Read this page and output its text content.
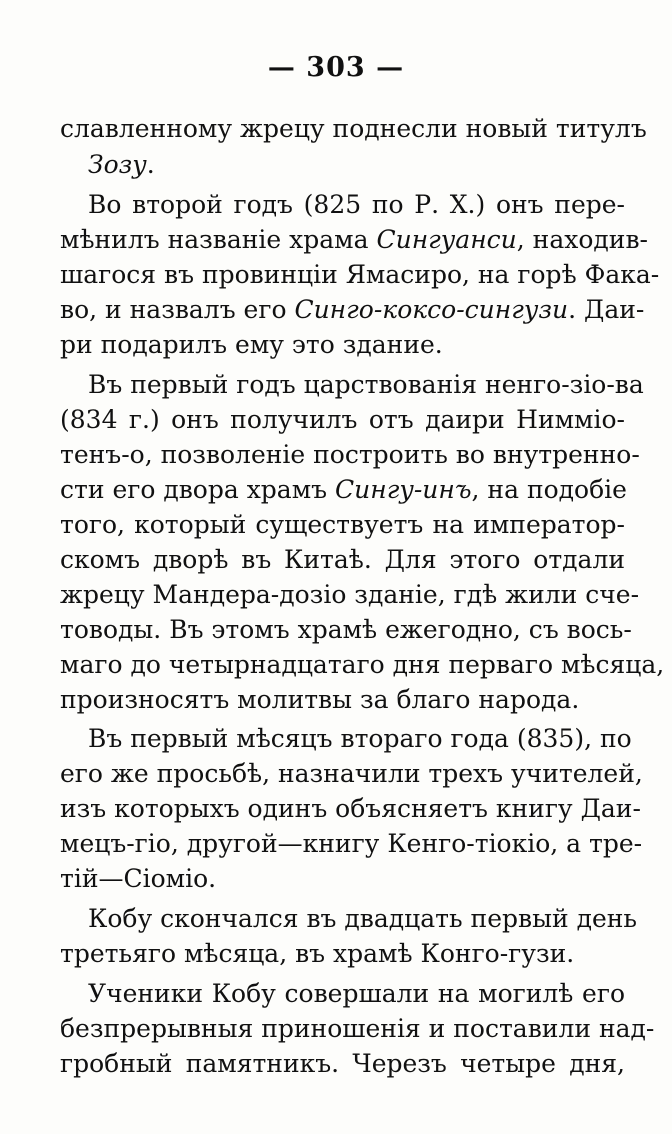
— 303 —
славленному жрецу поднесли новый титулъ
Зозу.
Во второй годъ (825 по Р. Х.) онъ пере-
мѣнилъ названіе храма Сингуанси, находив-
шагося въ провинціи Ямасиро, на горѣ Фака-
во, и назвалъ его Синго-коксо-сингузи. Даи-
ри подарилъ ему это здание.
Въ первый годъ царствованія ненго-зіо-ва
(834 г.) онъ получилъ отъ даири Нимміо-
тенъ-о, позволеніе построить во внутренно-
сти его двора храмъ Сингу-инъ, на подобіе
того, который существуетъ на император-
скомъ дворѣ въ Китаѣ. Для этого отдали
жрецу Мандера-дозіо зданіе, гдѣ жили сче-
товоды. Въ этомъ храмѣ ежегодно, съ вось-
маго до четырнадцатаго дня перваго мѣсяца,
произносятъ молитвы за благо народа.
Въ первый мѣсяцъ втораго года (835), по
его же просьбѣ, назначили трехъ учителей,
изъ которыхъ одинъ объясняетъ книгу Даи-
мецъ-гіо, другой—книгу Кенго-тіокіо, а тре-
тій—Сіоміо.
Кобу скончался въ двадцать первый день
третьяго мѣсяца, въ храмѣ Конго-гузи.
Ученики Кобу совершали на могилѣ его
безпрерывныя приношенія и поставили над-
гробный памятникъ. Черезъ четыре дня,
